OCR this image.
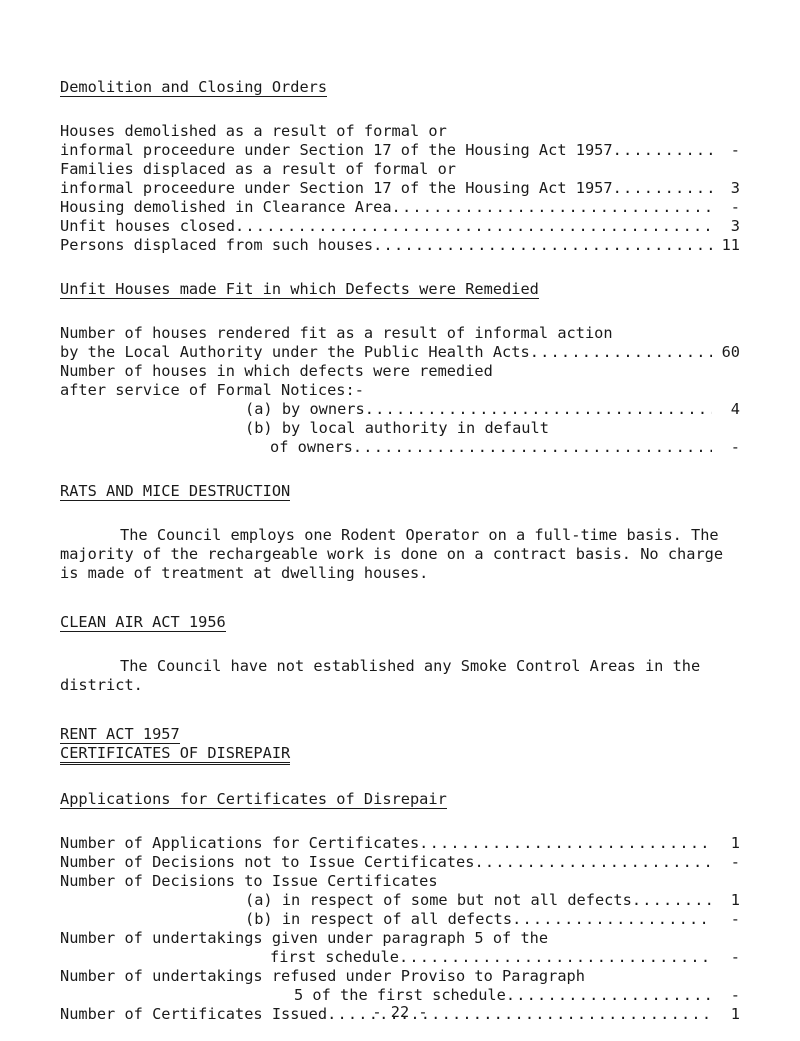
Demolition and Closing Orders
Houses demolished as a result of formal or
informal proceedure under Section 17 of the Housing Act 1957 .....	-
Families displaced as a result of formal or
informal proceedure under Section 17 of the Housing Act 1957 .....	3
Housing demolished in Clearance Area .....	-
Unfit houses closed .....	3
Persons displaced from such houses .....	11
Unfit Houses made Fit in which Defects were Remedied
Number of houses rendered fit as a result of informal action
by the Local Authority under the Public Health Acts .....	60
Number of houses in which defects were remedied
after service of Formal Notices:-
(a) by owners .....	4
(b) by local authority in default
of owners .....	-
RATS AND MICE DESTRUCTION

The Council employs one Rodent Operator on a full-time basis. The majority of the rechargeable work is done on a contract basis. No charge is made of treatment at dwelling houses.

CLEAN AIR ACT 1956

The Council have not established any Smoke Control Areas in the district.

RENT ACT 1957
CERTIFICATES OF DISREPAIR
Applications for Certificates of Disrepair
Number of Applications for Certificates .....	1
Number of Decisions not to Issue Certificates .....	-
Number of Decisions to Issue Certificates
(a) in respect of some but not all defects .....	1
(b) in respect of all defects .....	-
Number of undertakings given under paragraph 5 of the
first schedule .....	-
Number of undertakings refused under Proviso to Paragraph
5 of the first schedule .....	-
Number of Certificates Issued .....	1
- 22 -
